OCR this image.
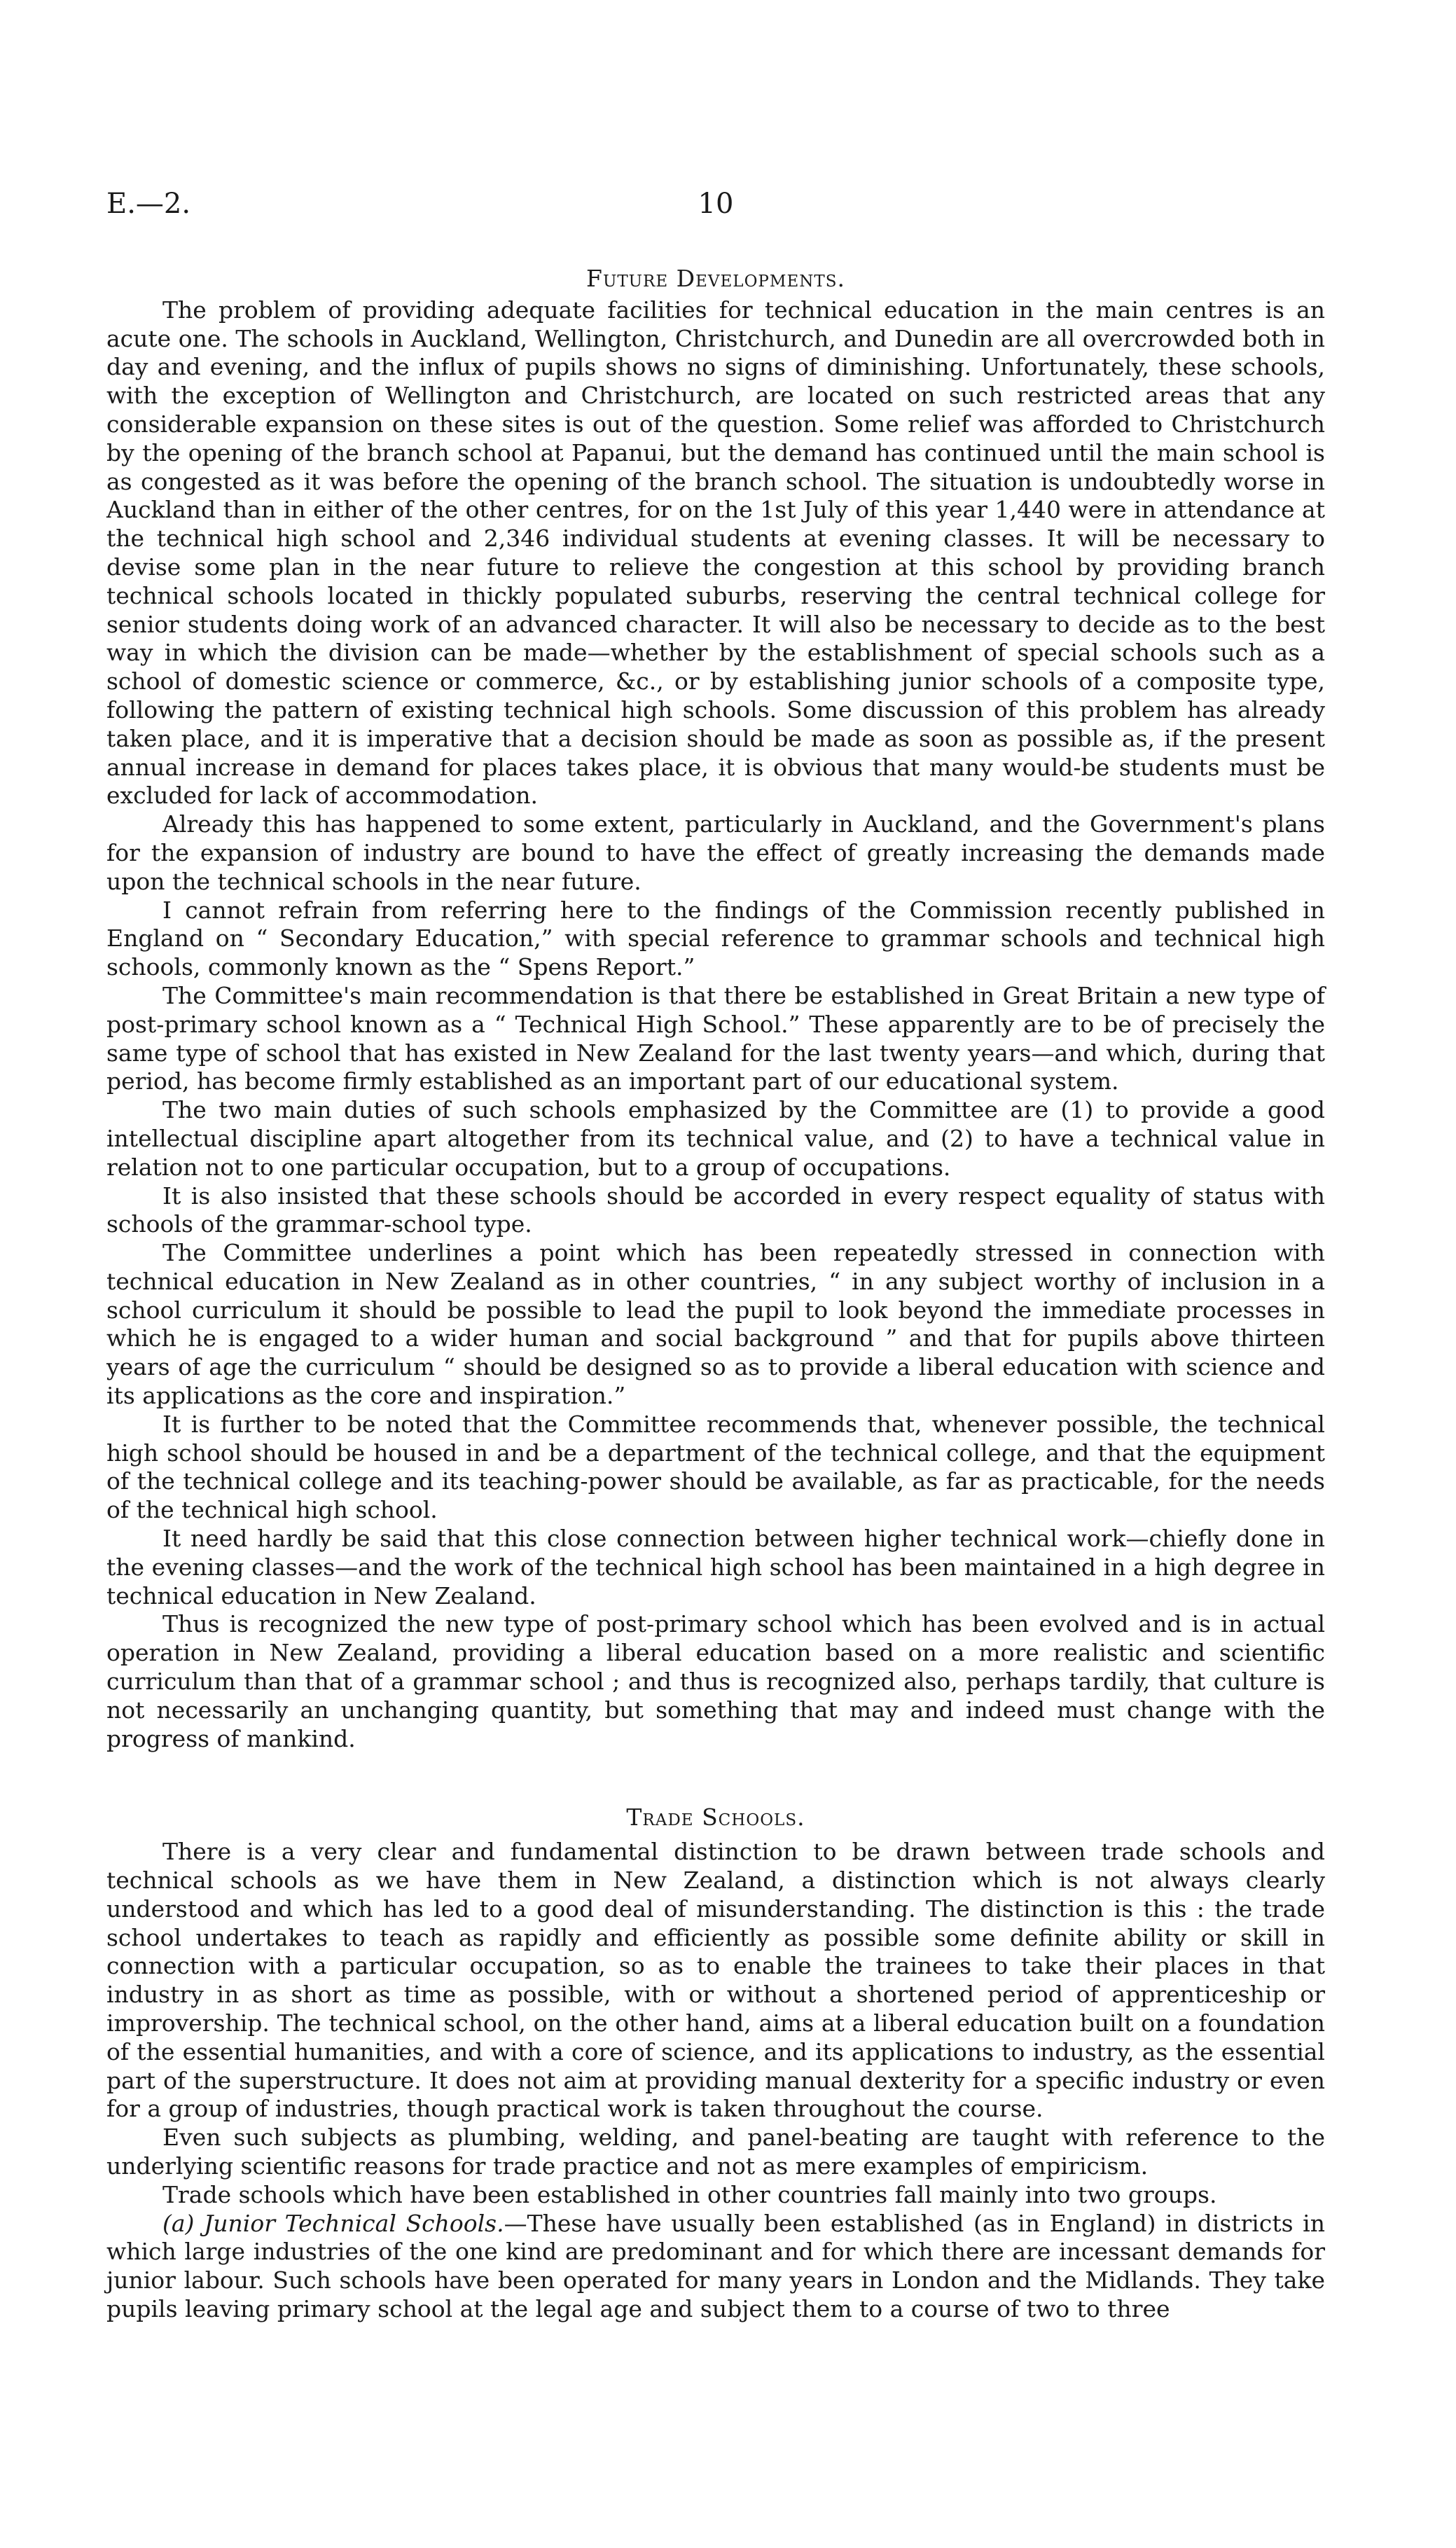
E.—2.	10
Future Developments.

The problem of providing adequate facilities for technical education in the main centres is an acute one. The schools in Auckland, Wellington, Christchurch, and Dunedin are all overcrowded both in day and evening, and the influx of pupils shows no signs of diminishing. Unfortunately, these schools, with the exception of Wellington and Christchurch, are located on such restricted areas that any considerable expansion on these sites is out of the question. Some relief was afforded to Christchurch by the opening of the branch school at Papanui, but the demand has continued until the main school is as congested as it was before the opening of the branch school. The situation is undoubtedly worse in Auckland than in either of the other centres, for on the 1st July of this year 1,440 were in attendance at the technical high school and 2,346 individual students at evening classes. It will be necessary to devise some plan in the near future to relieve the congestion at this school by providing branch technical schools located in thickly populated suburbs, reserving the central technical college for senior students doing work of an advanced character. It will also be necessary to decide as to the best way in which the division can be made—whether by the establishment of special schools such as a school of domestic science or commerce, &c., or by establishing junior schools of a composite type, following the pattern of existing technical high schools. Some discussion of this problem has already taken place, and it is imperative that a decision should be made as soon as possible as, if the present annual increase in demand for places takes place, it is obvious that many would-be students must be excluded for lack of accommodation.

Already this has happened to some extent, particularly in Auckland, and the Government's plans for the expansion of industry are bound to have the effect of greatly increasing the demands made upon the technical schools in the near future.

I cannot refrain from referring here to the findings of the Commission recently published in England on “ Secondary Education,” with special reference to grammar schools and technical high schools, commonly known as the “ Spens Report.”

The Committee's main recommendation is that there be established in Great Britain a new type of post-primary school known as a “ Technical High School.” These apparently are to be of precisely the same type of school that has existed in New Zealand for the last twenty years—and which, during that period, has become firmly established as an important part of our educational system.

The two main duties of such schools emphasized by the Committee are (1) to provide a good intellectual discipline apart altogether from its technical value, and (2) to have a technical value in relation not to one particular occupation, but to a group of occupations.

It is also insisted that these schools should be accorded in every respect equality of status with schools of the grammar-school type.

The Committee underlines a point which has been repeatedly stressed in connection with technical education in New Zealand as in other countries, “ in any subject worthy of inclusion in a school curriculum it should be possible to lead the pupil to look beyond the immediate processes in which he is engaged to a wider human and social background ” and that for pupils above thirteen years of age the curriculum “ should be designed so as to provide a liberal education with science and its applications as the core and inspiration.”

It is further to be noted that the Committee recommends that, whenever possible, the technical high school should be housed in and be a department of the technical college, and that the equipment of the technical college and its teaching-power should be available, as far as practicable, for the needs of the technical high school.

It need hardly be said that this close connection between higher technical work—chiefly done in the evening classes—and the work of the technical high school has been maintained in a high degree in technical education in New Zealand.

Thus is recognized the new type of post-primary school which has been evolved and is in actual operation in New Zealand, providing a liberal education based on a more realistic and scientific curriculum than that of a grammar school ; and thus is recognized also, perhaps tardily, that culture is not necessarily an unchanging quantity, but something that may and indeed must change with the progress of mankind.

Trade Schools.

There is a very clear and fundamental distinction to be drawn between trade schools and technical schools as we have them in New Zealand, a distinction which is not always clearly understood and which has led to a good deal of misunderstanding. The distinction is this : the trade school undertakes to teach as rapidly and efficiently as possible some definite ability or skill in connection with a particular occupation, so as to enable the trainees to take their places in that industry in as short as time as possible, with or without a shortened period of apprenticeship or improvership. The technical school, on the other hand, aims at a liberal education built on a foundation of the essential humanities, and with a core of science, and its applications to industry, as the essential part of the superstructure. It does not aim at providing manual dexterity for a specific industry or even for a group of industries, though practical work is taken throughout the course.

Even such subjects as plumbing, welding, and panel-beating are taught with reference to the underlying scientific reasons for trade practice and not as mere examples of empiricism.

Trade schools which have been established in other countries fall mainly into two groups.

(a) Junior Technical Schools.—These have usually been established (as in England) in districts in which large industries of the one kind are predominant and for which there are incessant demands for junior labour. Such schools have been operated for many years in London and the Midlands. They take pupils leaving primary school at the legal age and subject them to a course of two to three
